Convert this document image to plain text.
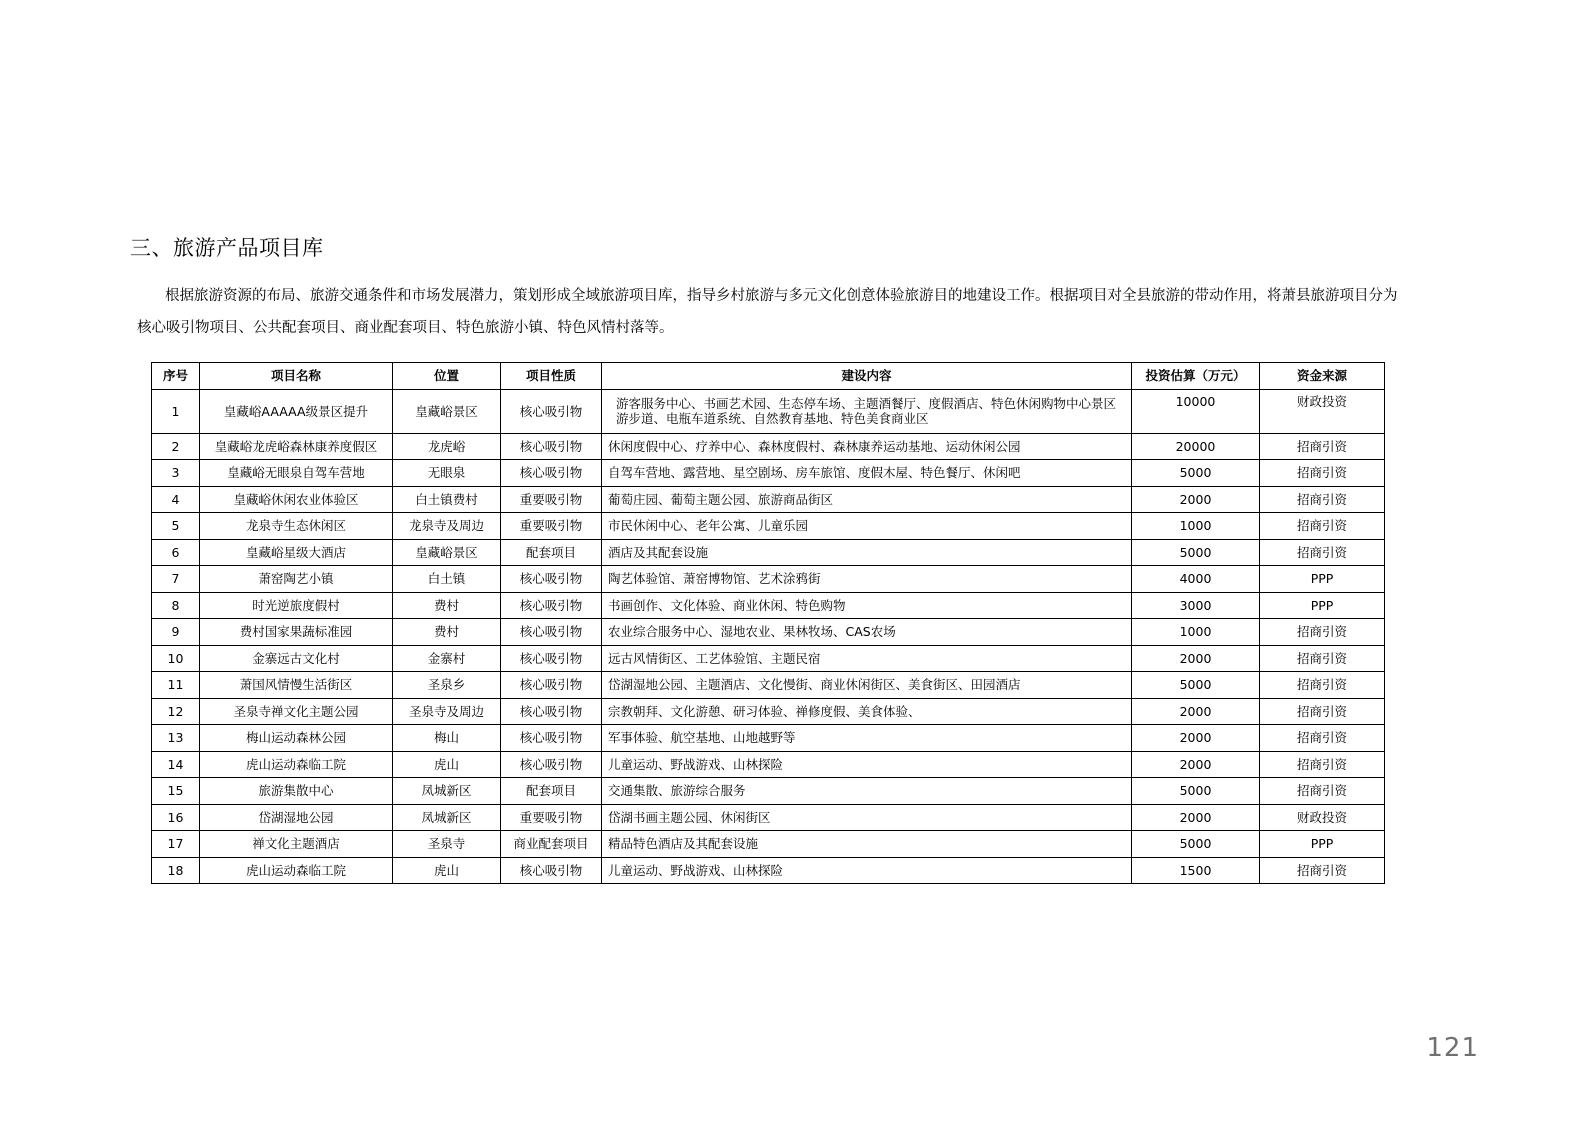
三、旅游产品项目库

根据旅游资源的布局、旅游交通条件和市场发展潜力，策划形成全域旅游项目库，指导乡村旅游与多元文化创意体验旅游目的地建设工作。根据项目对全县旅游的带动作用，将萧县旅游项目分为核心吸引物项目、公共配套项目、商业配套项目、特色旅游小镇、特色风情村落等。

序号	项目名称	位置	项目性质	建设内容	投资估算（万元）	资金来源
1	皇藏峪AAAAA级景区提升	皇藏峪景区	核心吸引物	游客服务中心、书画艺术园、生态停车场、主题酒餐厅、度假酒店、特色休闲购物中心景区游步道、电瓶车道系统、自然教育基地、特色美食商业区	10000	财政投资
2	皇藏峪龙虎峪森林康养度假区	龙虎峪	核心吸引物	休闲度假中心、疗养中心、森林度假村、森林康养运动基地、运动休闲公园	20000	招商引资
3	皇藏峪无眼泉自驾车营地	无眼泉	核心吸引物	自驾车营地、露营地、星空剧场、房车旅馆、度假木屋、特色餐厅、休闲吧	5000	招商引资
4	皇藏峪休闲农业体验区	白土镇费村	重要吸引物	葡萄庄园、葡萄主题公园、旅游商品街区	2000	招商引资
5	龙泉寺生态休闲区	龙泉寺及周边	重要吸引物	市民休闲中心、老年公寓、儿童乐园	1000	招商引资
6	皇藏峪星级大酒店	皇藏峪景区	配套项目	酒店及其配套设施	5000	招商引资
7	萧窑陶艺小镇	白土镇	核心吸引物	陶艺体验馆、萧窑博物馆、艺术涂鸦街	4000	PPP
8	时光逆旅度假村	费村	核心吸引物	书画创作、文化体验、商业休闲、特色购物	3000	PPP
9	费村国家果蔬标准园	费村	核心吸引物	农业综合服务中心、湿地农业、果林牧场、CAS农场	1000	招商引资
10	金寨远古文化村	金寨村	核心吸引物	远古风情街区、工艺体验馆、主题民宿	2000	招商引资
11	萧国风情慢生活街区	圣泉乡	核心吸引物	岱湖湿地公园、主题酒店、文化慢街、商业休闲街区、美食街区、田园酒店	5000	招商引资
12	圣泉寺禅文化主题公园	圣泉寺及周边	核心吸引物	宗教朝拜、文化游憩、研习体验、禅修度假、美食体验、	2000	招商引资
13	梅山运动森林公园	梅山	核心吸引物	军事体验、航空基地、山地越野等	2000	招商引资
14	虎山运动森临工院	虎山	核心吸引物	儿童运动、野战游戏、山林探险	2000	招商引资
15	旅游集散中心	凤城新区	配套项目	交通集散、旅游综合服务	5000	招商引资
16	岱湖湿地公园	凤城新区	重要吸引物	岱湖书画主题公园、休闲街区	2000	财政投资
17	禅文化主题酒店	圣泉寺	商业配套项目	精品特色酒店及其配套设施	5000	PPP
18	虎山运动森临工院	虎山	核心吸引物	儿童运动、野战游戏、山林探险	1500	招商引资
121
